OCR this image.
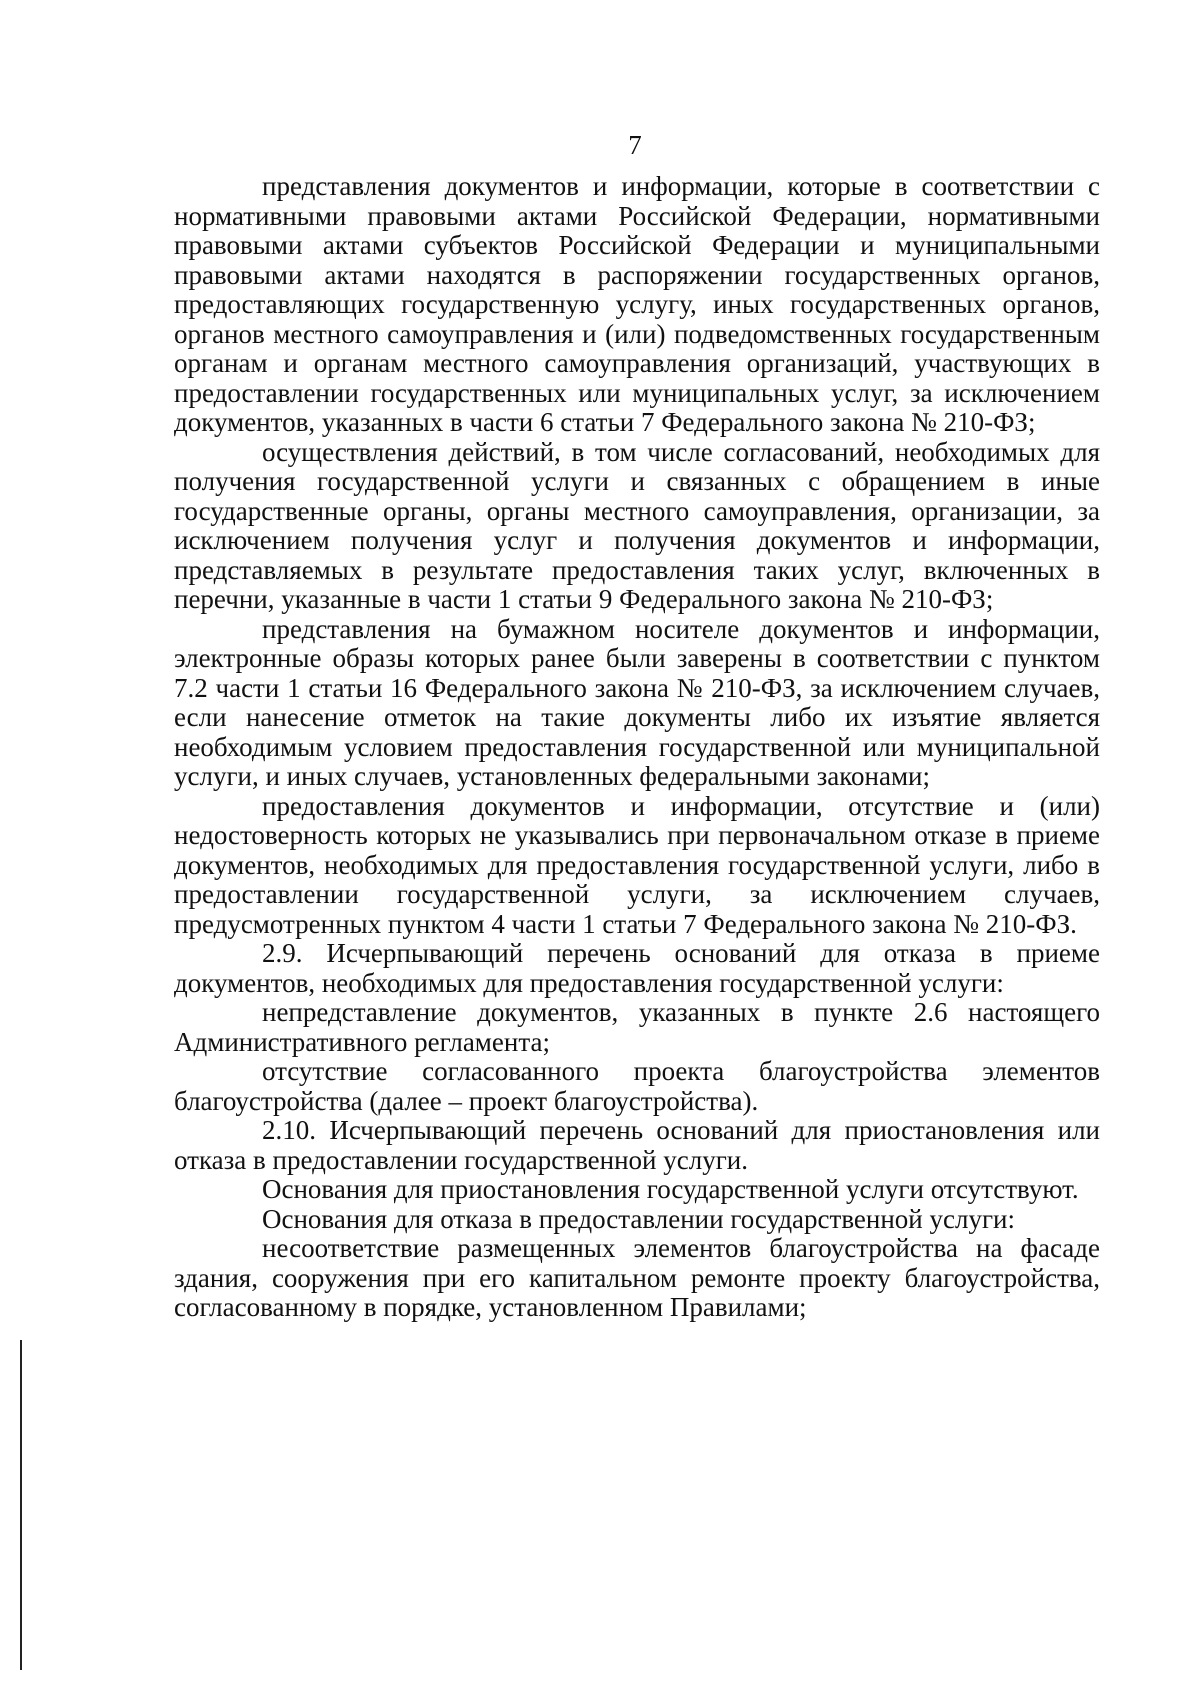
7

представления документов и информации, которые в соответствии с нормативными правовыми актами Российской Федерации, нормативными правовыми актами субъектов Российской Федерации и муниципальными правовыми актами находятся в распоряжении государственных органов, предоставляющих государственную услугу, иных государственных органов, органов местного самоуправления и (или) подведомственных государственным органам и органам местного самоуправления организаций, участвующих в предоставлении государственных или муниципальных услуг, за исключением документов, указанных в части 6 статьи 7 Федерального закона № 210-ФЗ;

осуществления действий, в том числе согласований, необходимых для получения государственной услуги и связанных с обращением в иные государственные органы, органы местного самоуправления, организации, за исключением получения услуг и получения документов и информации, представляемых в результате предоставления таких услуг, включенных в перечни, указанные в части 1 статьи 9 Федерального закона № 210-ФЗ;

представления на бумажном носителе документов и информации, электронные образы которых ранее были заверены в соответствии с пунктом 7.2 части 1 статьи 16 Федерального закона № 210-ФЗ, за исключением случаев, если нанесение отметок на такие документы либо их изъятие является необходимым условием предоставления государственной или муниципальной услуги, и иных случаев, установленных федеральными законами;

предоставления документов и информации, отсутствие и (или) недостоверность которых не указывались при первоначальном отказе в приеме документов, необходимых для предоставления государственной услуги, либо в предоставлении государственной услуги, за исключением случаев, предусмотренных пунктом 4 части 1 статьи 7 Федерального закона № 210-ФЗ.

2.9. Исчерпывающий перечень оснований для отказа в приеме документов, необходимых для предоставления государственной услуги:

непредставление документов, указанных в пункте 2.6 настоящего Административного регламента;

отсутствие согласованного проекта благоустройства элементов благоустройства (далее – проект благоустройства).

2.10. Исчерпывающий перечень оснований для приостановления или отказа в предоставлении государственной услуги.

Основания для приостановления государственной услуги отсутствуют.

Основания для отказа в предоставлении государственной услуги:

несоответствие размещенных элементов благоустройства на фасаде здания, сооружения при его капитальном ремонте проекту благоустройства, согласованному в порядке, установленном Правилами;
